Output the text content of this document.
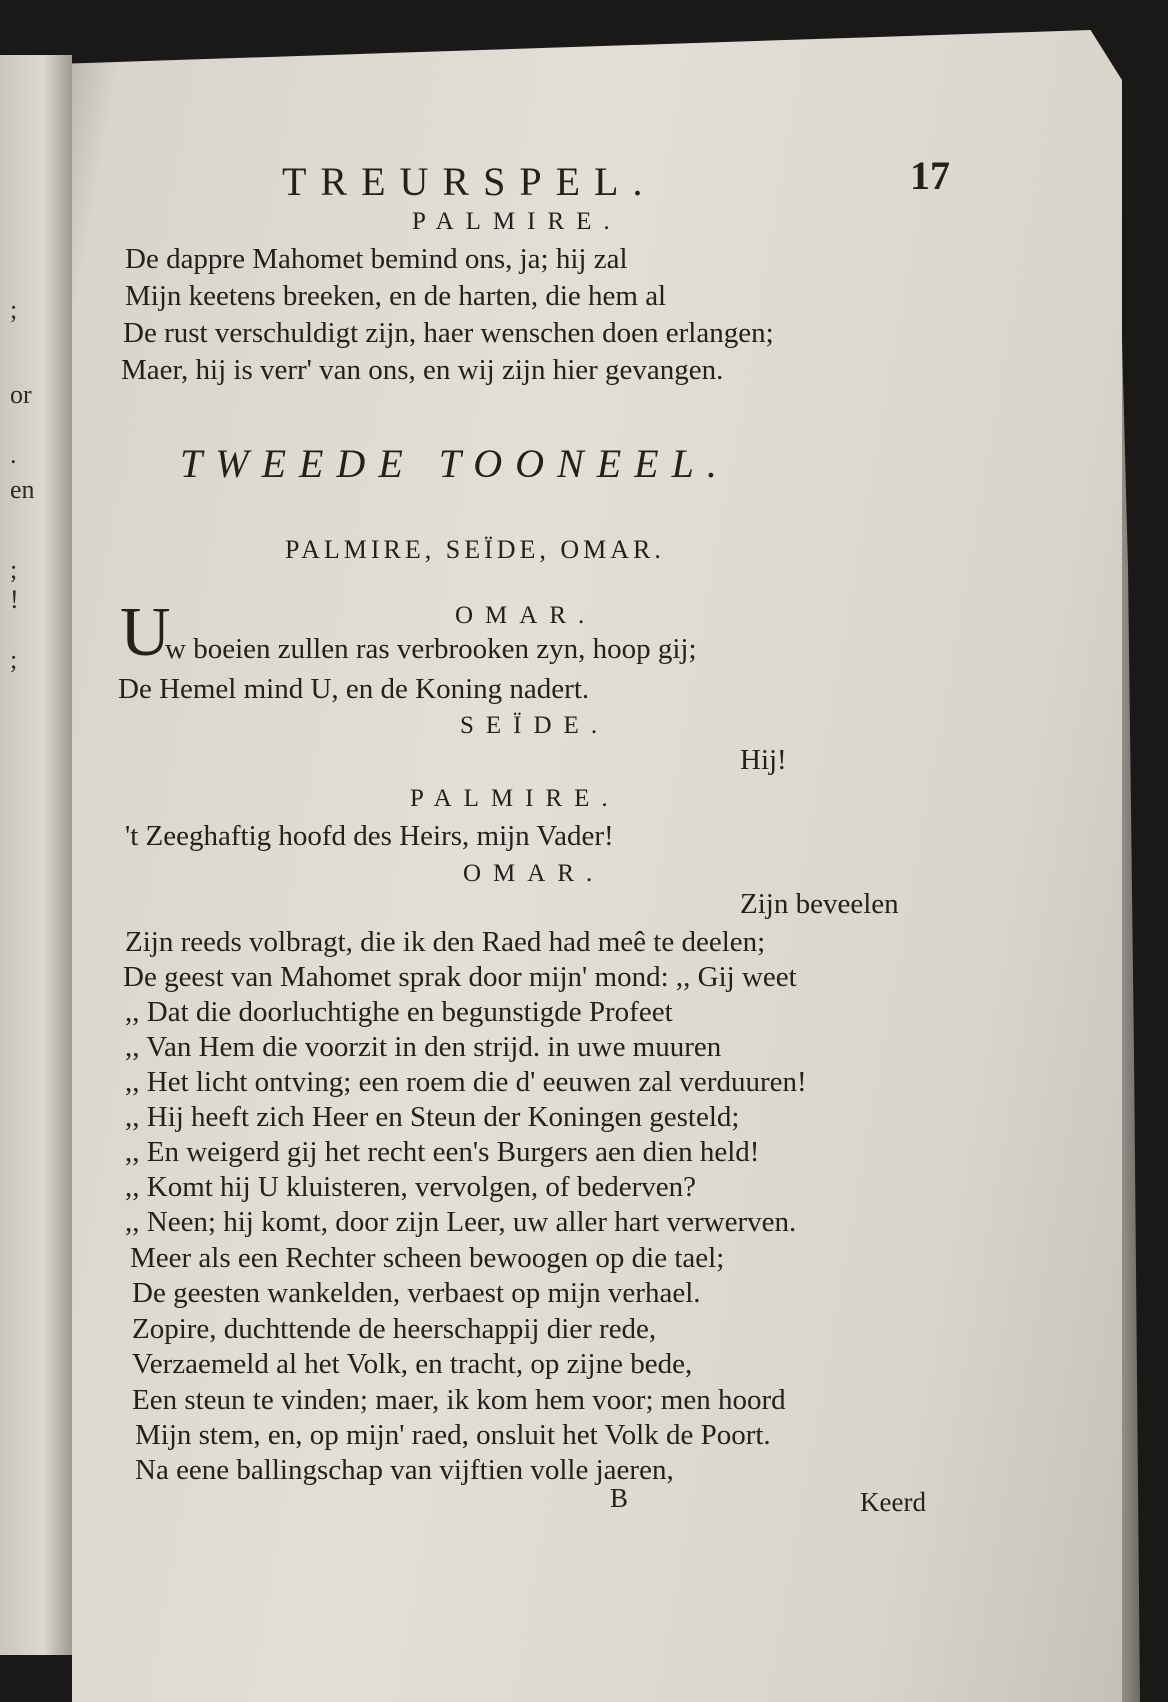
;
or
.
en
;
!
;
TREURSPEL.	17
PALMIRE.
De dappre Mahomet bemind ons, ja; hij zal
Mijn keetens breeken, en de harten, die hem al
De rust verschuldigt zijn, haer wenschen doen erlangen;
Maer, hij is verr' van ons, en wij zijn hier gevangen.
TWEEDE TOONEEL.
PALMIRE, SEÏDE, OMAR.
OMAR.
U
w boeien zullen ras verbrooken zyn, hoop gij;
De Hemel mind U, en de Koning nadert.
SEÏDE.
Hij!
PALMIRE.
't Zeeghaftig hoofd des Heirs, mijn Vader!
OMAR.
Zijn beveelen
Zijn reeds volbragt, die ik den Raed had meê te deelen;
De geest van Mahomet sprak door mijn' mond: ,, Gij weet
,, Dat die doorluchtighe en begunstigde Profeet
,, Van Hem die voorzit in den strijd. in uwe muuren
,, Het licht ontving; een roem die d' eeuwen zal verduuren!
,, Hij heeft zich Heer en Steun der Koningen gesteld;
,, En weigerd gij het recht een's Burgers aen dien held!
,, Komt hij U kluisteren, vervolgen, of bederven?
,, Neen; hij komt, door zijn Leer, uw aller hart verwerven.
Meer als een Rechter scheen bewoogen op die tael;
De geesten wankelden, verbaest op mijn verhael.
Zopire, duchttende de heerschappij dier rede,
Verzaemeld al het Volk, en tracht, op zijne bede,
Een steun te vinden; maer, ik kom hem voor; men hoord
Mijn stem, en, op mijn' raed, onsluit het Volk de Poort.
Na eene ballingschap van vijftien volle jaeren,
B	Keerd
